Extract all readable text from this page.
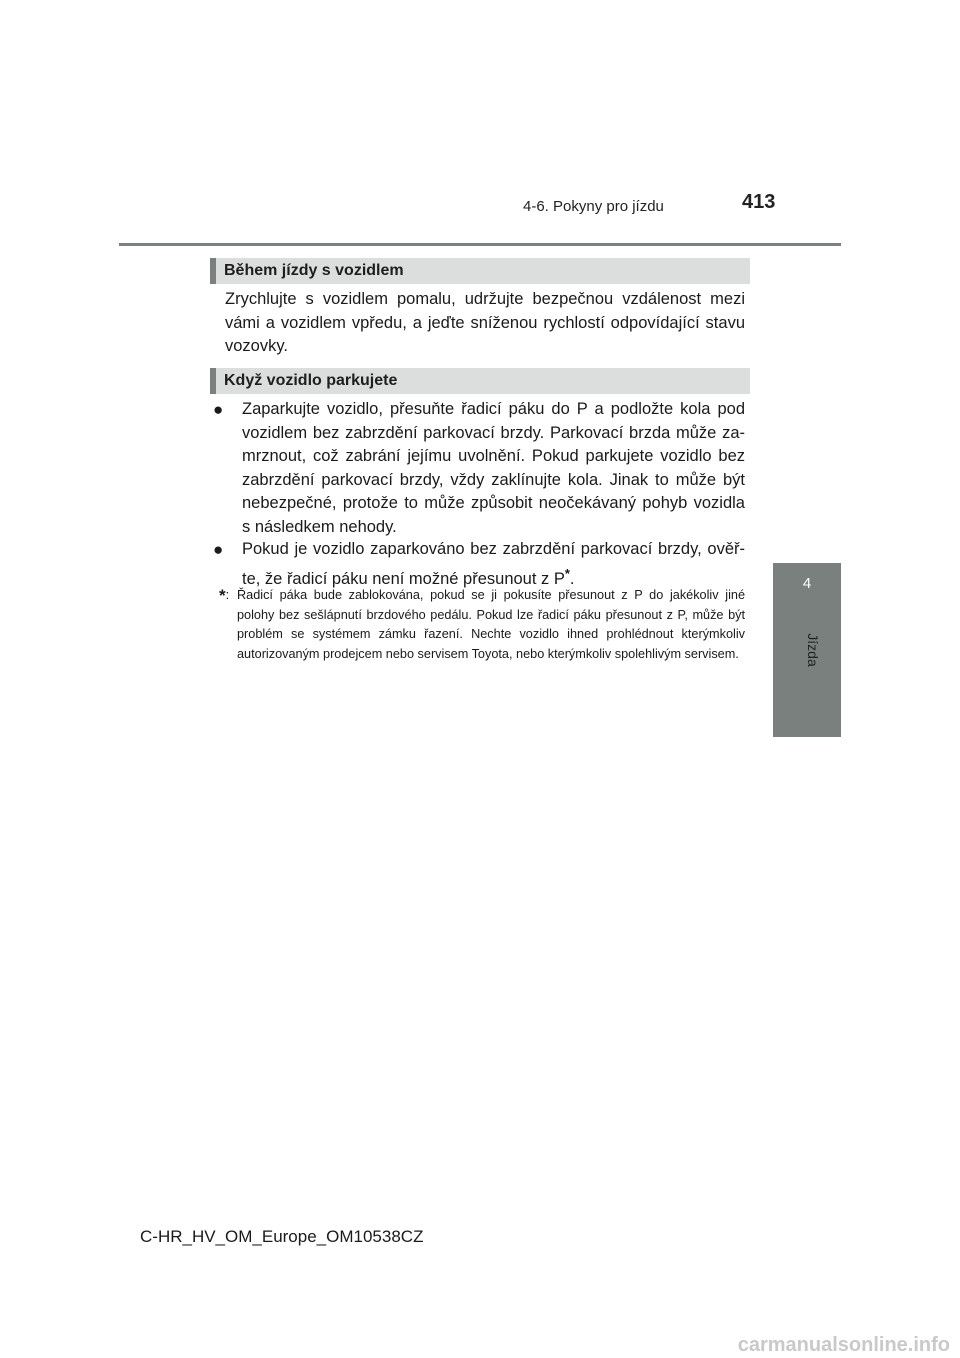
4-6. Pokyny pro jízdu	413
4
Jízda
Během jízdy s vozidlem

Zrychlujte s vozidlem pomalu, udržujte bezpečnou vzdálenost mezi vámi a vozidlem vpředu, a jeďte sníženou rychlostí odpovídající stavu vozovky.

Když vozidlo parkujete
● Zaparkujte vozidlo, přesuňte řadicí páku do P a podložte kola pod vozidlem bez zabrzdění parkovací brzdy. Parkovací brzda může zamrznout, což zabrání jejímu uvolnění. Pokud parkujete vozidlo bez zabrzdění parkovací brzdy, vždy zaklínujte kola. Jinak to může být nebezpečné, protože to může způsobit neočekávaný pohyb vozidla s následkem nehody.
● Pokud je vozidlo zaparkováno bez zabrzdění parkovací brzdy, ověřte, že řadicí páku není možné přesunout z P*.
*: Řadicí páka bude zablokována, pokud se ji pokusíte přesunout z P do jakékoliv jiné polohy bez sešlápnutí brzdového pedálu. Pokud lze řadicí páku přesunout z P, může být problém se systémem zámku řazení. Nechte vozidlo ihned prohlédnout kterýmkoliv autorizovaným prodejcem nebo servisem Toyota, nebo kterýmkoliv spolehlivým servisem.
C-HR_HV_OM_Europe_OM10538CZ
carmanualsonline.info
